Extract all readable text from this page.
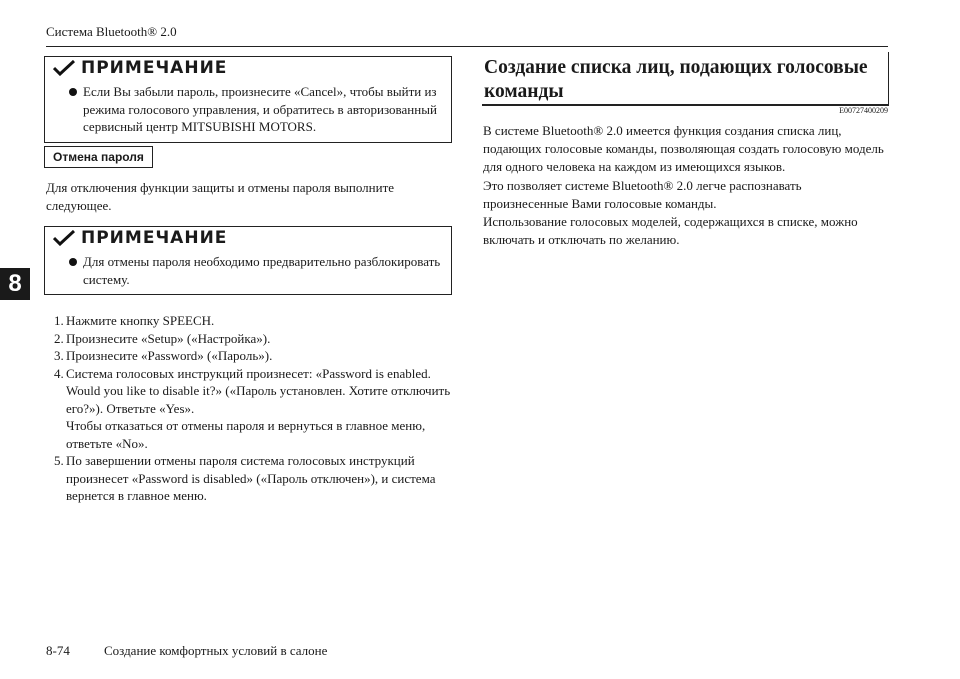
Система Bluetooth® 2.0
ПРИМЕЧАНИЕ
Если Вы забыли пароль, произнесите «Cancel», чтобы выйти из режима голосового управления, и обратитесь в авторизованный сервисный центр MITSUBISHI MOTORS.
Отмена пароля
Для отключения функции защиты и отмены пароля выполните следующее.
ПРИМЕЧАНИЕ
Для отмены пароля необходимо предварительно разблокировать систему.
8
1. Нажмите кнопку SPEECH.
2. Произнесите «Setup» («Настройка»).
3. Произнесите «Password» («Пароль»).
4. Система голосовых инструкций произнесет: «Password is enabled. Would you like to disable it?» («Пароль установлен. Хотите отключить его?»). Ответьте «Yes».
Чтобы отказаться от отмены пароля и вернуться в главное меню, ответьте «No».
5. По завершении отмены пароля система голосовых инструкций произнесет «Password is disabled» («Пароль отключен»), и система вернется в главное меню.
Создание списка лиц, подающих голосовые команды
E00727400209
В системе Bluetooth® 2.0 имеется функция создания списка лиц, подающих голосовые команды, позволяющая создать голосовую модель для одного человека на каждом из имеющихся языков.
Это позволяет системе Bluetooth® 2.0 легче распознавать произнесенные Вами голосовые команды.
Использование голосовых моделей, содержащихся в списке, можно включать и отключать по желанию.
8-74	Создание комфортных условий в салоне
